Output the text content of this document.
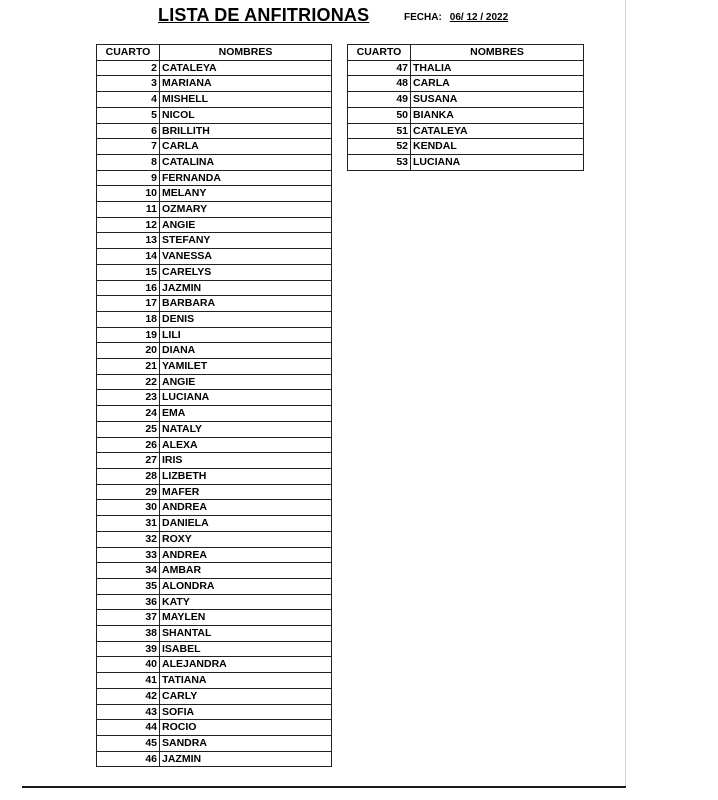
LISTA DE ANFITRIONAS	FECHA: 06/ 12 / 2022
CUARTO	NOMBRES
2	CATALEYA
3	MARIANA
4	MISHELL
5	NICOL
6	BRILLITH
7	CARLA
8	CATALINA
9	FERNANDA
10	MELANY
11	OZMARY
12	ANGIE
13	STEFANY
14	VANESSA
15	CARELYS
16	JAZMIN
17	BARBARA
18	DENIS
19	LILI
20	DIANA
21	YAMILET
22	ANGIE
23	LUCIANA
24	EMA
25	NATALY
26	ALEXA
27	IRIS
28	LIZBETH
29	MAFER
30	ANDREA
31	DANIELA
32	ROXY
33	ANDREA
34	AMBAR
35	ALONDRA
36	KATY
37	MAYLEN
38	SHANTAL
39	ISABEL
40	ALEJANDRA
41	TATIANA
42	CARLY
43	SOFIA
44	ROCIO
45	SANDRA
46	JAZMIN
CUARTO	NOMBRES
47	THALIA
48	CARLA
49	SUSANA
50	BIANKA
51	CATALEYA
52	KENDAL
53	LUCIANA
